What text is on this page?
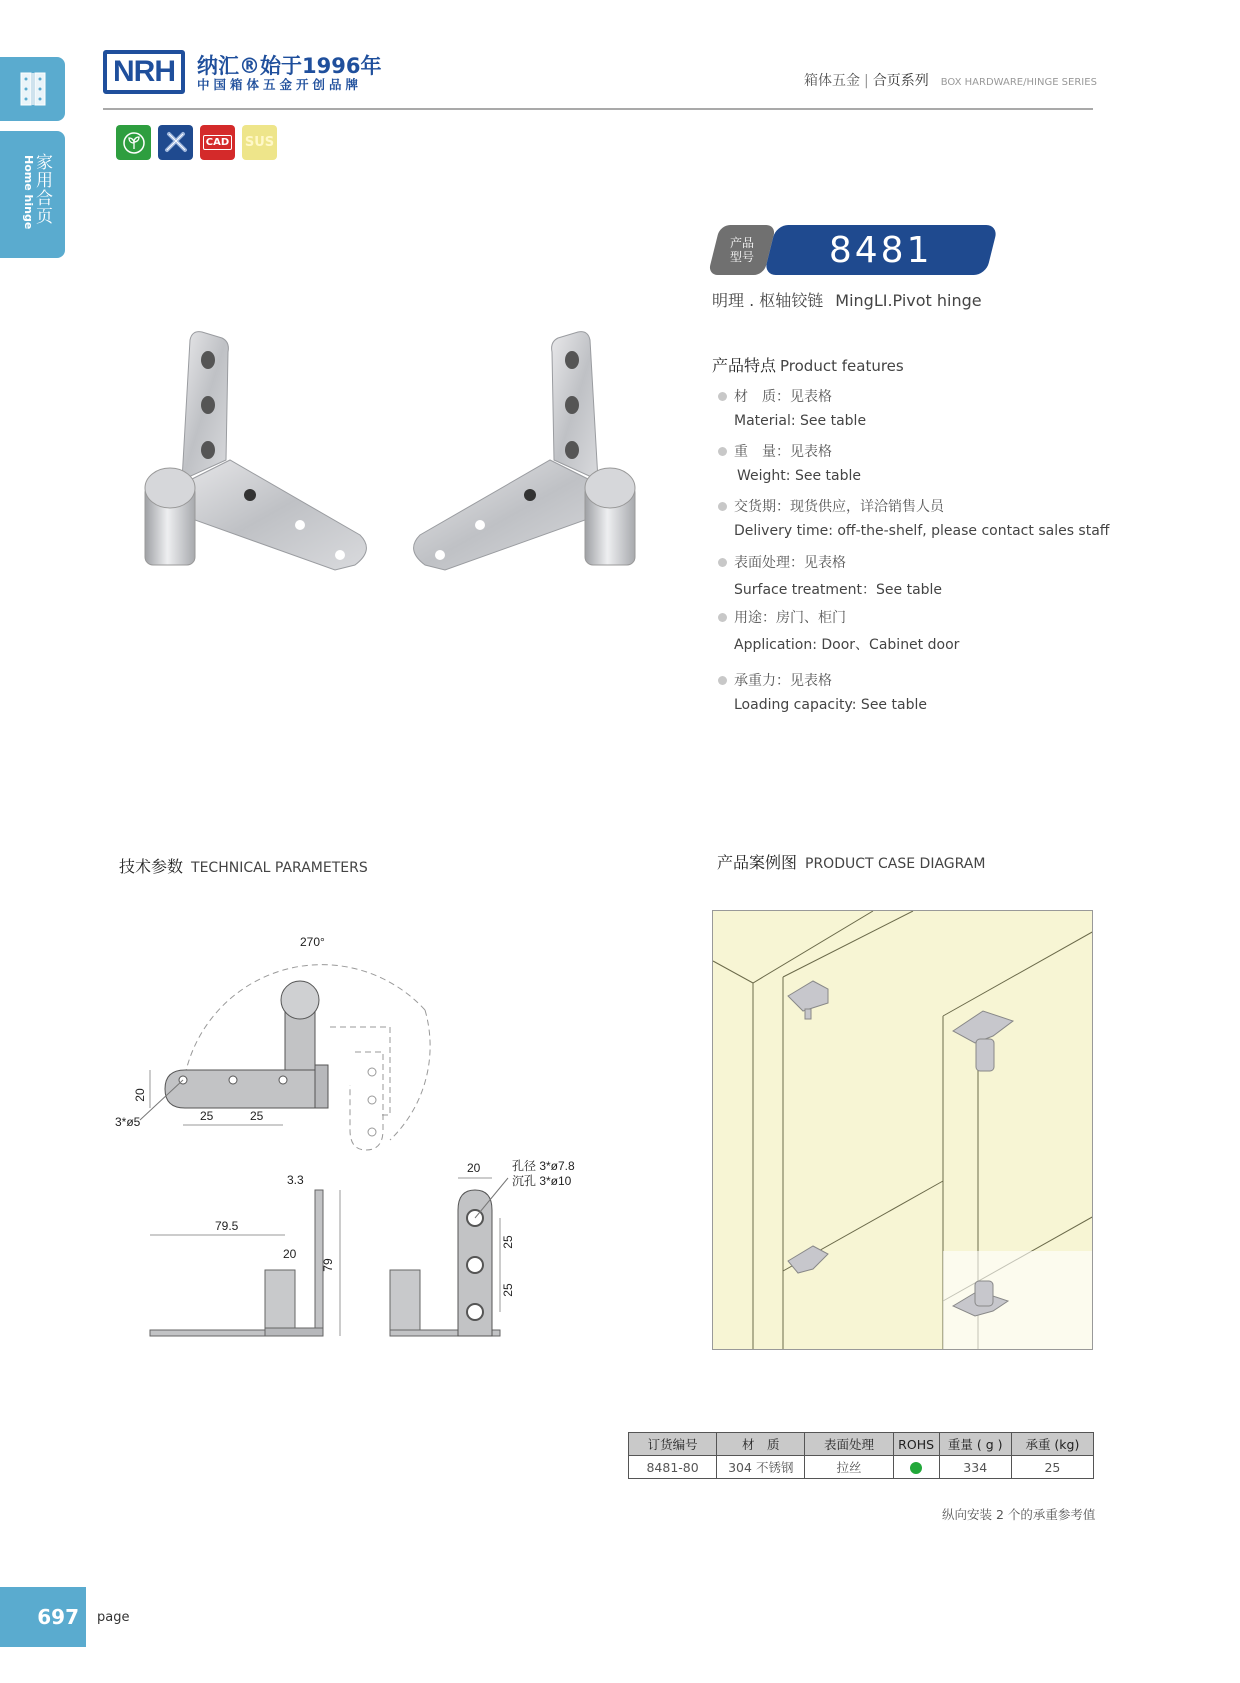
Home hinge
家用合页
NRH	纳汇®始于1996年
中国箱体五金开创品牌	箱体五金 | 合页系列 BOX HARDWARE/HINGE SERIES
CAD SUS
产品型号 8481
明理 . 枢轴铰链 MingLI.Pivot hinge
产品特点 Product features
材　质：见表格
Material: See table
重　量：见表格
Weight: See table
交货期：现货供应，详洽销售人员
Delivery time: off-the-shelf, please contact sales staff
表面处理：见表格
Surface treatment：See table
用途：房门、柜门
Application: Door、Cabinet door
承重力：见表格
Loading capacity: See table
技术参数 TECHNICAL PARAMETERS
270°
20
3*ø5	25	25
79.5
20
3.3
79
20	孔径 3*ø7.8
沉孔 3*ø10
25
25
产品案例图 PRODUCT CASE DIAGRAM
订货编号	材　质	表面处理	ROHS	重量 ( g )	承重 (kg)
8481-80	304 不锈钢	拉丝		334	25
纵向安装 2 个的承重参考值
697	page
